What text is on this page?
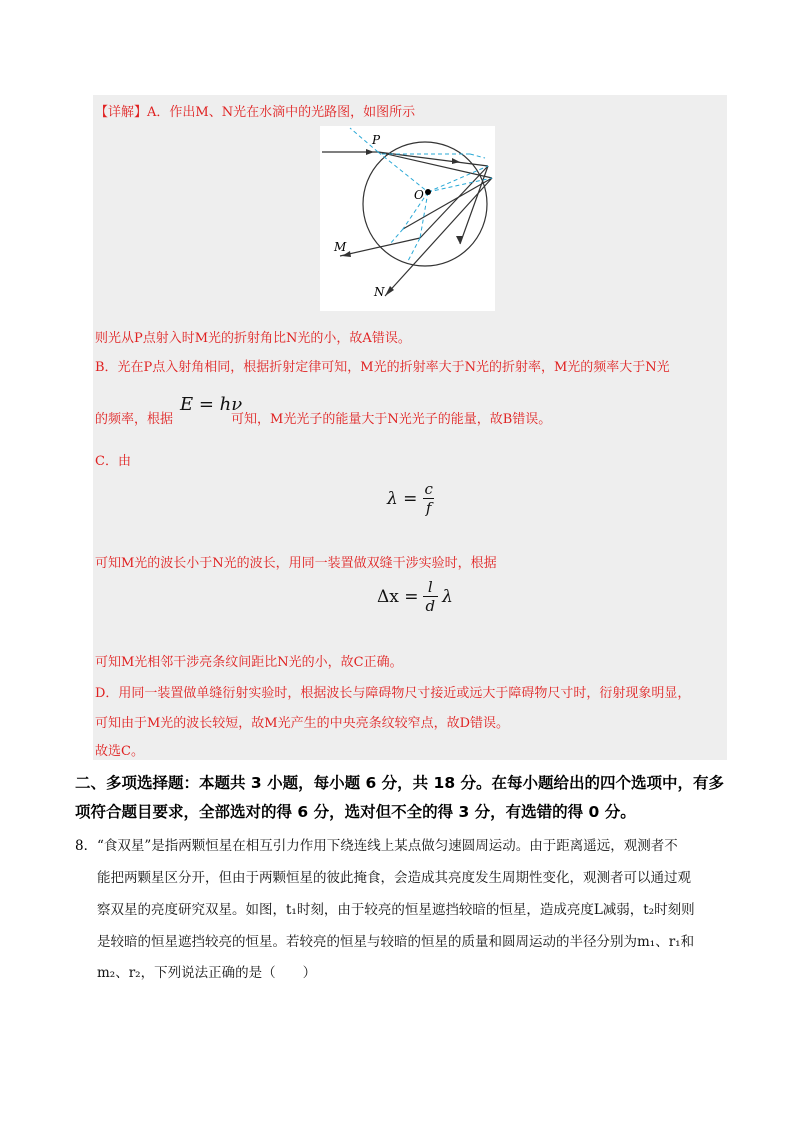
【详解】A．作出M、N光在水滴中的光路图，如图所示
P
O
M
N
则光从P点射入时M光的折射角比N光的小，故A错误。
B．光在P点入射角相同，根据折射定律可知，M光的折射率大于N光的折射率，M光的频率大于N光
的频率，根据	可知，M光光子的能量大于N光光子的能量，故B错误。
E = hν
C．由
$\lambda = \frac{c}{f}$
可知M光的波长小于N光的波长，用同一装置做双缝干涉实验时，根据
$\Delta x = \frac{l}{d}$ λ
可知M光相邻干涉亮条纹间距比N光的小，故C正确。
D．用同一装置做单缝衍射实验时，根据波长与障碍物尺寸接近或远大于障碍物尺寸时，衍射现象明显，
可知由于M光的波长较短，故M光产生的中央亮条纹较窄点，故D错误。
故选C。
二、多项选择题：本题共 3 小题，每小题 6 分，共 18 分。在每小题给出的四个选项中，有多
项符合题目要求，全部选对的得 6 分，选对但不全的得 3 分，有选错的得 0 分。
8． “食双星”是指两颗恒星在相互引力作用下绕连线上某点做匀速圆周运动。由于距离遥远，观测者不
能把两颗星区分开，但由于两颗恒星的彼此掩食，会造成其亮度发生周期性变化，观测者可以通过观
察双星的亮度研究双星。如图，t₁时刻，由于较亮的恒星遮挡较暗的恒星，造成亮度L减弱，t₂时刻则
是较暗的恒星遮挡较亮的恒星。若较亮的恒星与较暗的恒星的质量和圆周运动的半径分别为m₁、r₁和
m₂、r₂，下列说法正确的是（　　）
